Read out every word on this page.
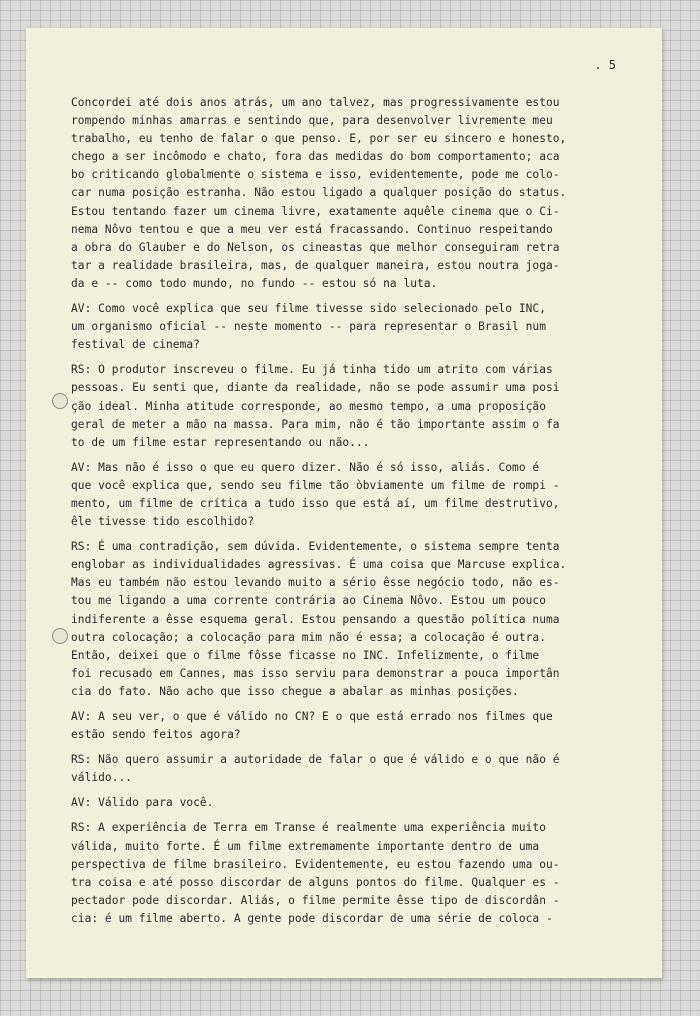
. 5

Concordei até dois anos atrás, um ano talvez, mas progressivamente estou
rompendo minhas amarras e sentindo que, para desenvolver livremente meu
trabalho, eu tenho de falar o que penso. E, por ser eu sincero e honesto,
chego a ser incômodo e chato, fora das medidas do bom comportamento; aca
bo criticando globalmente o sistema e isso, evidentemente, pode me colo-
car numa posição estranha. Não estou ligado a qualquer posição do status.
Estou tentando fazer um cinema livre, exatamente aquêle cinema que o Ci-
nema Nôvo tentou e que a meu ver está fracassando. Continuo respeitando
a obra do Glauber e do Nelson, os cineastas que melhor conseguiram retra
tar a realidade brasileira, mas, de qualquer maneira, estou noutra joga-
da e -- como todo mundo, no fundo -- estou só na luta.

AV: Como você explica que seu filme tivesse sido selecionado pelo INC,
um organismo oficial -- neste momento -- para representar o Brasil num
festival de cinema?

RS: O produtor inscreveu o filme. Eu já tinha tido um atrito com várias
pessoas. Eu senti que, diante da realidade, não se pode assumir uma posi
ção ideal. Minha atitude corresponde, ao mesmo tempo, a uma proposição
geral de meter a mão na massa. Para mim, não é tão importante assim o fa
to de um filme estar representando ou não...

AV: Mas não é isso o que eu quero dizer. Não é só isso, aliás. Como é
que você explica que, sendo seu filme tão òbviamente um filme de rompi -
mento, um filme de crítica a tudo isso que está aí, um filme destrutivo,
êle tivesse tido escolhido?

RS: É uma contradição, sem dúvida. Evidentemente, o sistema sempre tenta
englobar as individualidades agressivas. É uma coisa que Marcuse explica.
Mas eu também não estou levando muito a sério êsse negócio todo, não es-
tou me ligando a uma corrente contrária ao Cinema Nôvo. Estou um pouco
indiferente a êsse esquema geral. Estou pensando a questão política numa
outra colocação; a colocação para mim não é essa; a colocação é outra.
Então, deixei que o filme fôsse ficasse no INC. Infelizmente, o filme
foi recusado em Cannes, mas isso serviu para demonstrar a pouca importân
cia do fato. Não acho que isso chegue a abalar as minhas posições.

AV: A seu ver, o que é válido no CN? E o que está errado nos filmes que
estão sendo feitos agora?

RS: Não quero assumir a autoridade de falar o que é válido e o que não é
válido...

AV: Válido para você.

RS: A experiência de Terra em Transe é realmente uma experiência muito
válida, muito forte. É um filme extremamente importante dentro de uma
perspectiva de filme brasileiro. Evidentemente, eu estou fazendo uma ou-
tra coisa e até posso discordar de alguns pontos do filme. Qualquer es -
pectador pode discordar. Aliás, o filme permite êsse tipo de discordân -
cia: é um filme aberto. A gente pode discordar de uma série de coloca -
